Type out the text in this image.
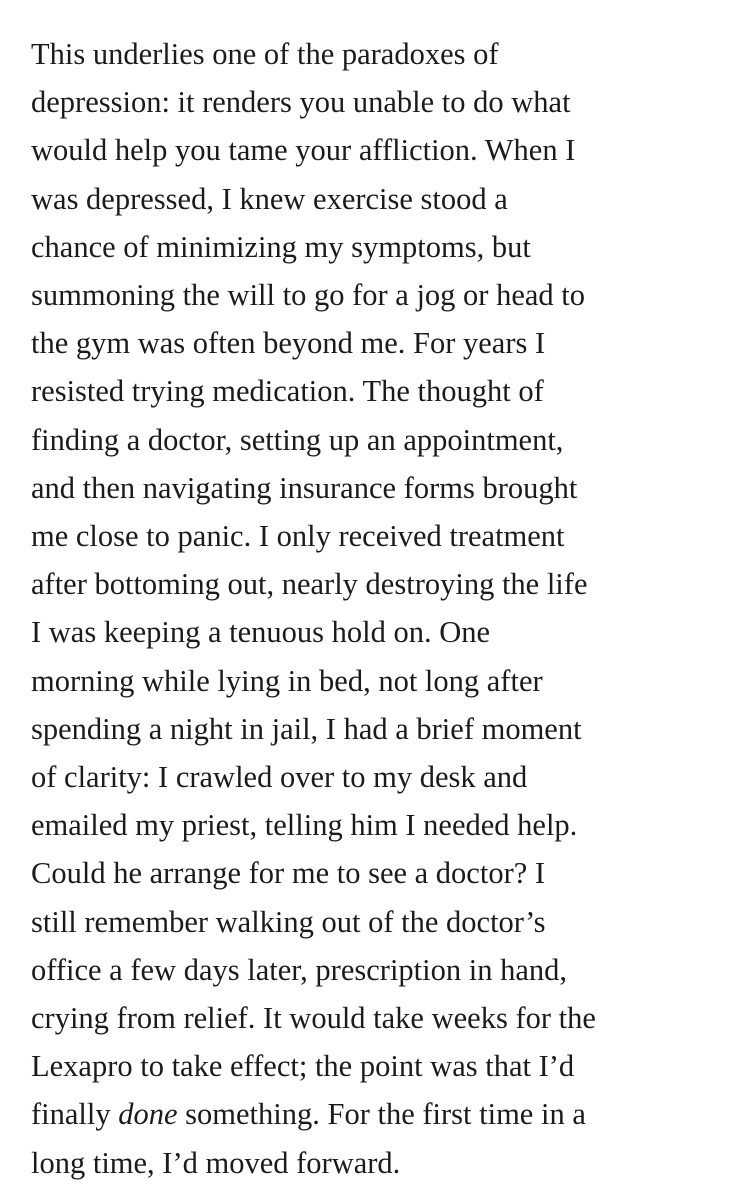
This underlies one of the paradoxes of
depression: it renders you unable to do what
would help you tame your affliction. When I
was depressed, I knew exercise stood a
chance of minimizing my symptoms, but
summoning the will to go for a jog or head to
the gym was often beyond me. For years I
resisted trying medication. The thought of
finding a doctor, setting up an appointment,
and then navigating insurance forms brought
me close to panic. I only received treatment
after bottoming out, nearly destroying the life
I was keeping a tenuous hold on. One
morning while lying in bed, not long after
spending a night in jail, I had a brief moment
of clarity: I crawled over to my desk and
emailed my priest, telling him I needed help.
Could he arrange for me to see a doctor? I
still remember walking out of the doctor’s
office a few days later, prescription in hand,
crying from relief. It would take weeks for the
Lexapro to take effect; the point was that I’d
finally done something. For the first time in a
long time, I’d moved forward.
